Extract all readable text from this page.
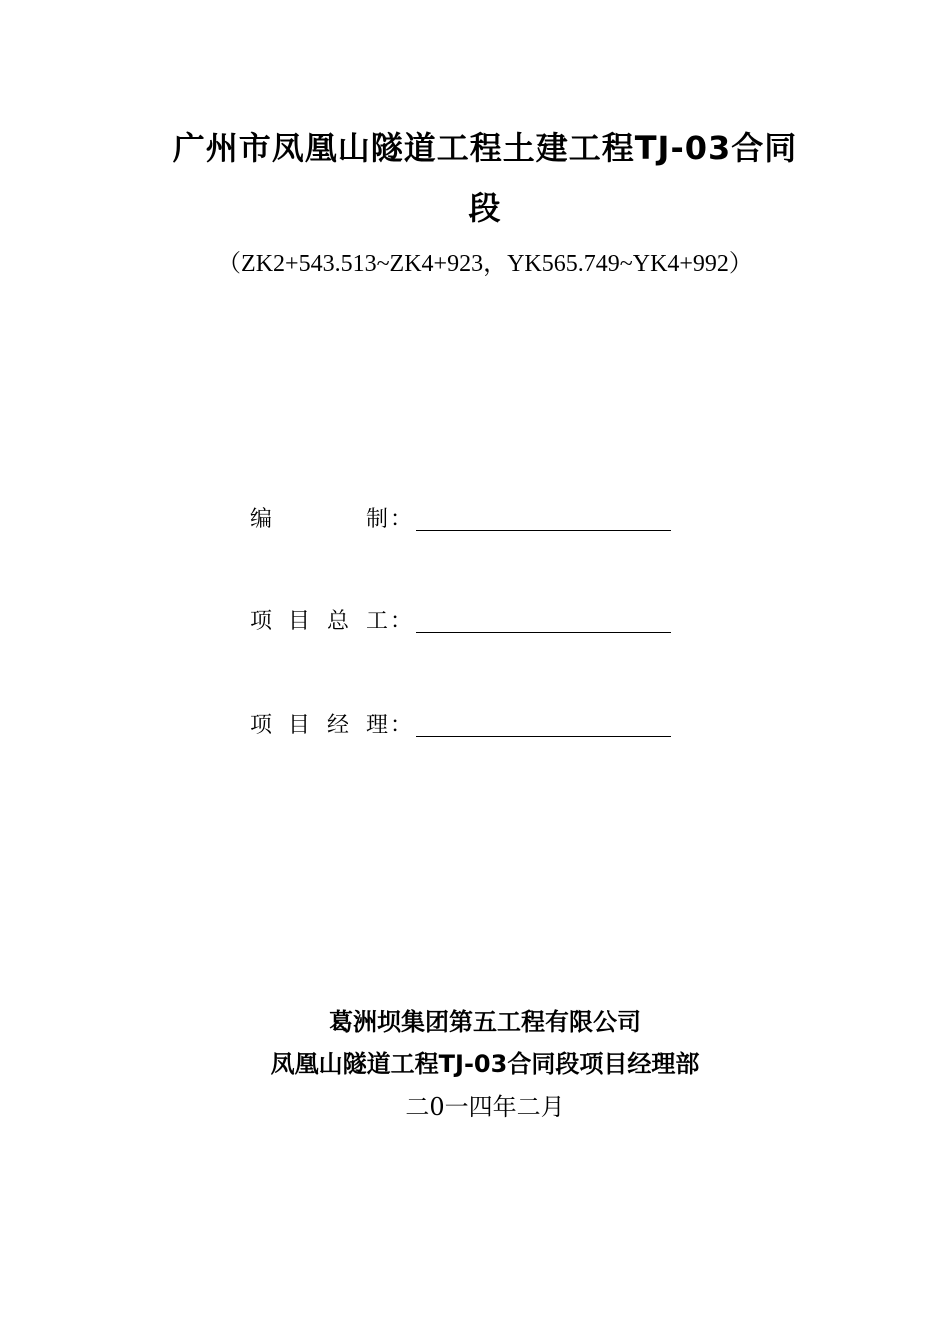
广州市凤凰山隧道工程土建工程TJ-03合同
段
（ZK2+543.513~ZK4+923，YK565.749~YK4+992）
编	制 ：
项 目 总 工 ：
项 目 经 理 ：
葛洲坝集团第五工程有限公司
凤凰山隧道工程TJ-03合同段项目经理部
二0一四年二月
